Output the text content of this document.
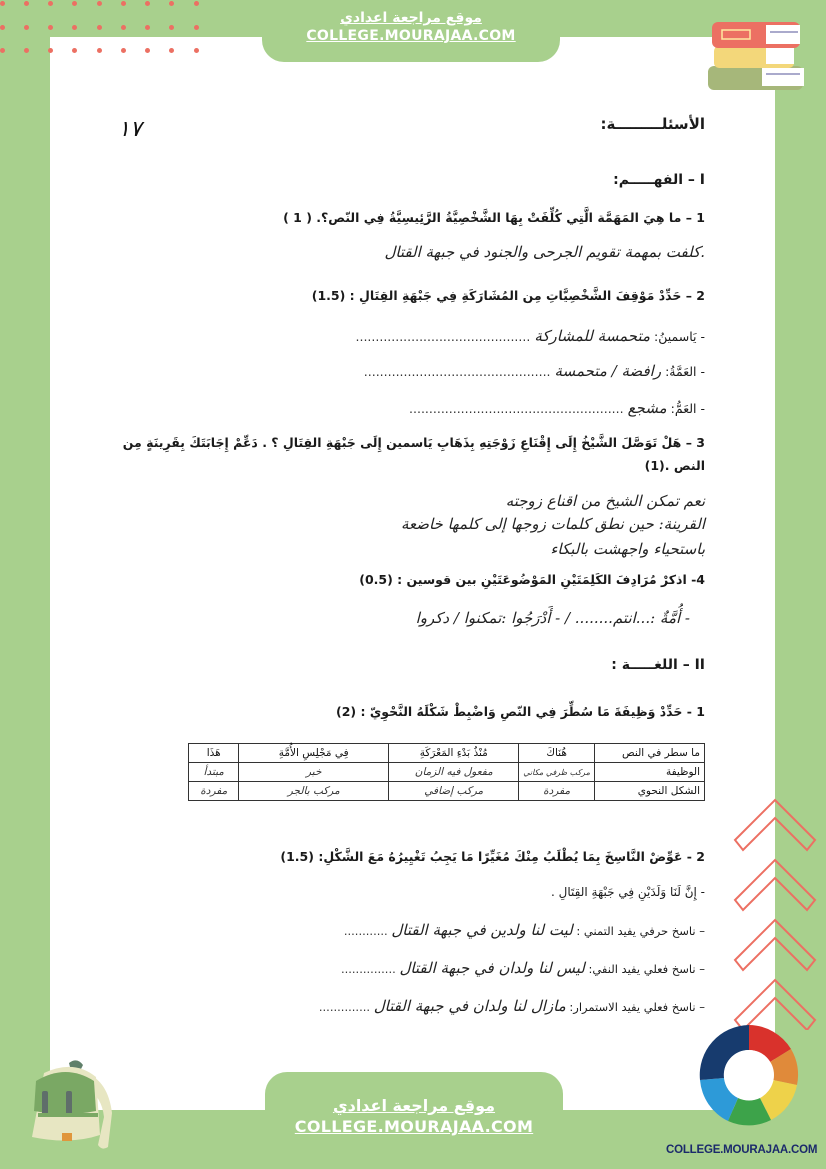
موقع مراجعة اعدادي
COLLEGE.MOURAJAA.COM
١٧	الأسئلـــــــــة:
I – الفهـــــم:
1 – ما هِيَ المَهَمَّة الَّتِي كُلِّفَتْ بِهَا الشَّخْصِيَّةُ الرَّئِيسِيَّةُ فِي النّص؟. ( 1 )
.كلفت بمهمة تقويم الجرحى والجنود في جبهة القتال
2 – حَدِّدْ مَوْقِفَ الشَّخْصِيَّاتِ مِن المُشَارَكَةِ فِي جَبْهَةِ القِتَالِ : (1.5)
- يَاسمينُ: متحمسة للمشاركة ............................................
- العَمَّةُ: رافضة / متحمسة ...............................................
- العَمُّ: مشجع ......................................................
3 – هَلْ تَوَصَّلَ الشَّيْخُ إِلَى إِقْنَاعِ زَوْجَتِهِ بِذَهَابِ يَاسمين إِلَى جَبْهَةِ القِتَالِ ؟ . دَعِّمْ إِجَابَتَكَ بِقَرِينَةٍ مِن
النص .(1)
نعم تمكن الشيخ من اقناع زوجته
القرينة: حين نطق كلمات زوجها إلى كلمها خاضعة
باستحياء واجهشت بالبكاء
4- اذكرْ مُرَادِفَ الكَلِمَتَيْنِ المَوْضُوعَتَيْنِ بين قوسين : (0.5)
- أُمَّةٌ :...انتم........ / - أَدْرَجُوا :تمكنوا / دكروا
II – اللغـــــة :
1 - حَدِّدْ وَظِيفَةَ مَا سُطِّرَ فِي النّصِ وَاضْبِطْ شَكْلَهُ النَّحْوِيّ : (2)
ما سطر في النص	هُنَاكَ	مُنْذُ بَدْءِ المَعْرَكَةِ	فِي مَجْلِسِ الأُمَّةِ	هَذَا
الوظيفة	مركب ظرفي مكاني	مفعول فيه الزمان	خبر	مبتدأ
الشكل النحوي	مفردة	مركب إضافي	مركب بالجر	مفردة
2 - عَوِّضْ النَّاسِخَ بِمَا يُطْلَبُ مِنْكَ مُغَيِّرًا مَا يَجِبُ تَغْيِيرُهُ مَعَ الشَّكْلِ: (1.5)
- إِنَّ لَنَا وَلَدَيْنِ فِي جَبْهَةِ القِتَالِ .
– ناسخ حرفي يفيد التمني : ليت لنا ولدين في جبهة القتال ............
– ناسخ فعلي يفيد النفي: ليس لنا ولدان في جبهة القتال ...............
– ناسخ فعلي يفيد الاستمرار: مازال لنا ولدان في جبهة القتال ..............
COLLEGE.MOURAJAA.COM
موقع مراجعة اعدادي
COLLEGE.MOURAJAA.COM
